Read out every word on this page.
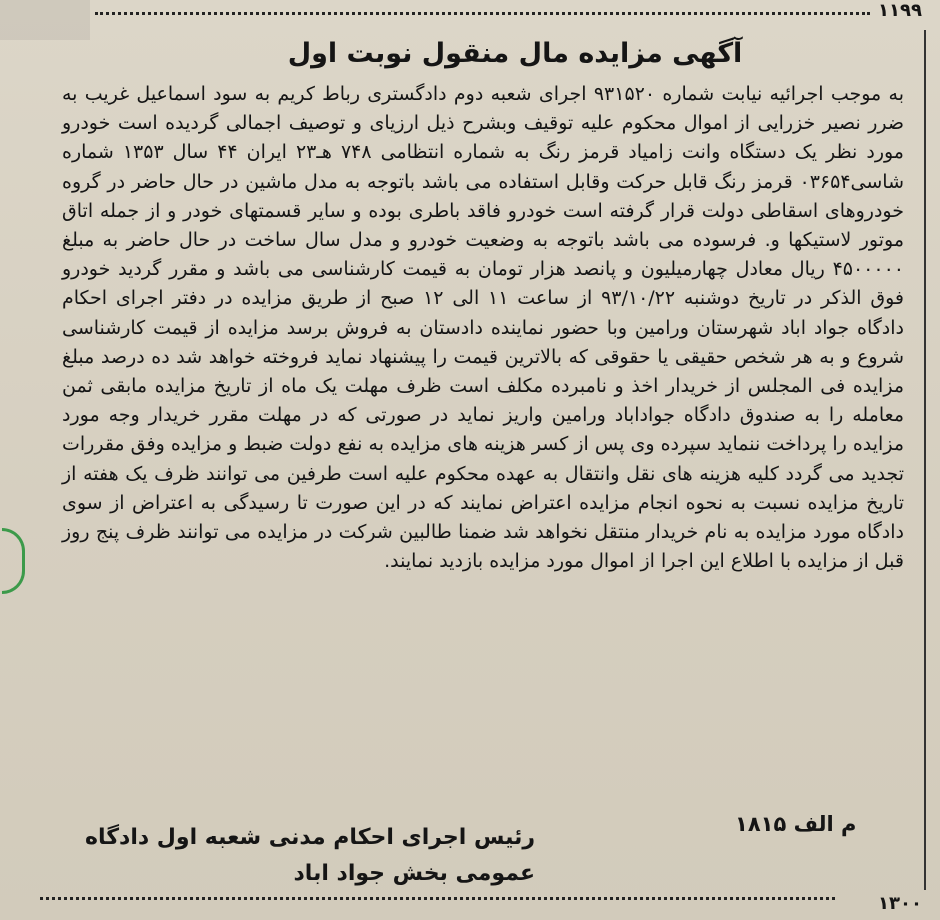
۱۱۹۹
آگهی مزایده مال منقول نوبت اول
به موجب اجرائیه نیابت شماره ۹۳۱۵۲۰ اجرای شعبه دوم دادگستری رباط کریم به سود اسماعیل غریب به ضرر نصیر خزرایی از اموال محکوم علیه توقیف وبشرح ذیل ارزیای و توصیف اجمالی گردیده است خودرو مورد نظر یک دستگاه وانت زامیاد قرمز رنگ به شماره انتظامی ۷۴۸ هـ۲۳ ایران ۴۴ سال ۱۳۵۳ شماره شاسی۰۳۶۵۴ قرمز رنگ قابل حرکت وقابل استفاده می باشد باتوجه به مدل ماشین در حال حاضر در گروه خودروهای اسقاطی دولت قرار گرفته است خودرو فاقد باطری بوده و سایر قسمتهای خودر و از جمله اتاق موتور لاستیکها و. فرسوده می باشد باتوجه به وضعیت خودرو و مدل سال ساخت در حال حاضر به مبلغ ۴۵۰۰۰۰۰ ریال معادل چهارمیلیون و پانصد هزار تومان به قیمت کارشناسی می باشد و مقرر گردید خودرو فوق الذکر در تاریخ دوشنبه ۹۳/۱۰/۲۲ از ساعت ۱۱ الی ۱۲ صبح از طریق مزایده در دفتر اجرای احکام دادگاه جواد اباد شهرستان ورامین وبا حضور نماینده دادستان به فروش برسد مزایده از قیمت کارشناسی شروع و به هر شخص حقیقی یا حقوقی که بالاترین قیمت را پیشنهاد نماید فروخته خواهد شد ده درصد مبلغ مزایده فی المجلس از خریدار اخذ و نامبرده مکلف است ظرف مهلت یک ماه از تاریخ مزایده مابقی ثمن معامله را به صندوق دادگاه جواداباد ورامین واریز نماید در صورتی که در مهلت مقرر خریدار وجه مورد مزایده را پرداخت ننماید سپرده وی پس از کسر هزینه های مزایده به نفع دولت ضبط و مزایده وفق مقررات تجدید می گردد کلیه هزینه های نقل وانتقال به عهده محکوم علیه است طرفین می توانند ظرف یک هفته از تاریخ مزایده نسبت به نحوه انجام مزایده اعتراض نمایند که در این صورت تا رسیدگی به اعتراض از سوی دادگاه مورد مزایده به نام خریدار منتقل نخواهد شد ضمنا طالبین شرکت در مزایده می توانند ظرف پنج روز قبل از مزایده با اطلاع این اجرا از اموال مورد مزایده بازدید نمایند.
م الف ۱۸۱۵
رئیس اجرای احکام مدنی شعبه اول دادگاه
عمومی بخش جواد اباد
۱۳۰۰
